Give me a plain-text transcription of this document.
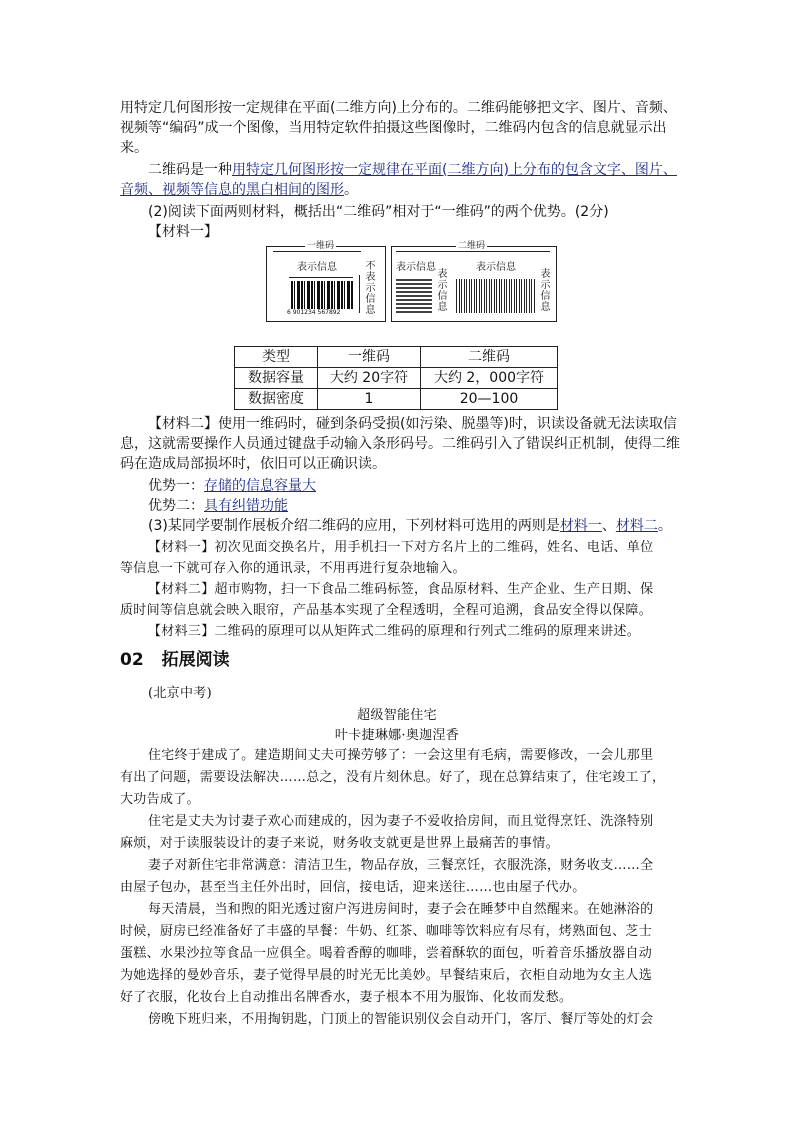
用特定几何图形按一定规律在平面(二维方向)上分布的。二维码能够把文字、图片、音频、
视频等“编码”成一个图像，当用特定软件拍摄这些图像时，二维码内包含的信息就显示出
来。
二维码是一种用特定几何图形按一定规律在平面(二维方向)上分布的包含文字、图片、
音频、视频等信息的黑白相间的图形。
(2)阅读下面两则材料，概括出“二维码”相对于“一维码”的两个优势。(2分)
【材料一】
一维码
表示信息
6 901234 567892
不表示信息
二维码
表示信息
表示信息
表示信息
表示信息
类型	一维码	二维码
数据容量	大约 20字符	大约 2，000字符
数据密度	1	20—100
【材料二】使用一维码时，碰到条码受损(如污染、脱墨等)时，识读设备就无法读取信
息，这就需要操作人员通过键盘手动输入条形码号。二维码引入了错误纠正机制，使得二维
码在造成局部损坏时，依旧可以正确识读。
优势一：存储的信息容量大
优势二：具有纠错功能
(3)某同学要制作展板介绍二维码的应用，下列材料可选用的两则是材料一、材料二。
【材料一】初次见面交换名片，用手机扫一下对方名片上的二维码，姓名、电话、单位
等信息一下就可存入你的通讯录，不用再进行复杂地输入。
【材料二】超市购物，扫一下食品二维码标签，食品原材料、生产企业、生产日期、保
质时间等信息就会映入眼帘，产品基本实现了全程透明，全程可追溯，食品安全得以保障。
【材料三】二维码的原理可以从矩阵式二维码的原理和行列式二维码的原理来讲述。
02 拓展阅读
(北京中考)
超级智能住宅
叶卡捷琳娜·奥迦涅香
住宅终于建成了。建造期间丈夫可操劳够了：一会这里有毛病，需要修改，一会儿那里
有出了问题，需要设法解决……总之，没有片刻休息。好了，现在总算结束了，住宅竣工了，
大功告成了。
住宅是丈夫为讨妻子欢心而建成的，因为妻子不爱收拾房间，而且觉得烹饪、洗涤特别
麻烦，对于读服装设计的妻子来说，财务收支就更是世界上最痛苦的事情。
妻子对新住宅非常满意：清洁卫生，物品存放，三餐烹饪，衣服洗涤，财务收支……全
由屋子包办，甚至当主任外出时，回信，接电话，迎来送往……也由屋子代办。
每天清晨，当和煦的阳光透过窗户泻进房间时，妻子会在睡梦中自然醒来。在她淋浴的
时候，厨房已经准备好了丰盛的早餐：牛奶、红茶、咖啡等饮料应有尽有，烤熟面包、芝士
蛋糕、水果沙拉等食品一应俱全。喝着香醇的咖啡，尝着酥软的面包，听着音乐播放器自动
为她选择的曼妙音乐，妻子觉得早晨的时光无比美妙。早餐结束后，衣柜自动地为女主人选
好了衣服，化妆台上自动推出名牌香水，妻子根本不用为服饰、化妆而发愁。
傍晚下班归来，不用掏钥匙，门顶上的智能识别仪会自动开门，客厅、餐厅等处的灯会
